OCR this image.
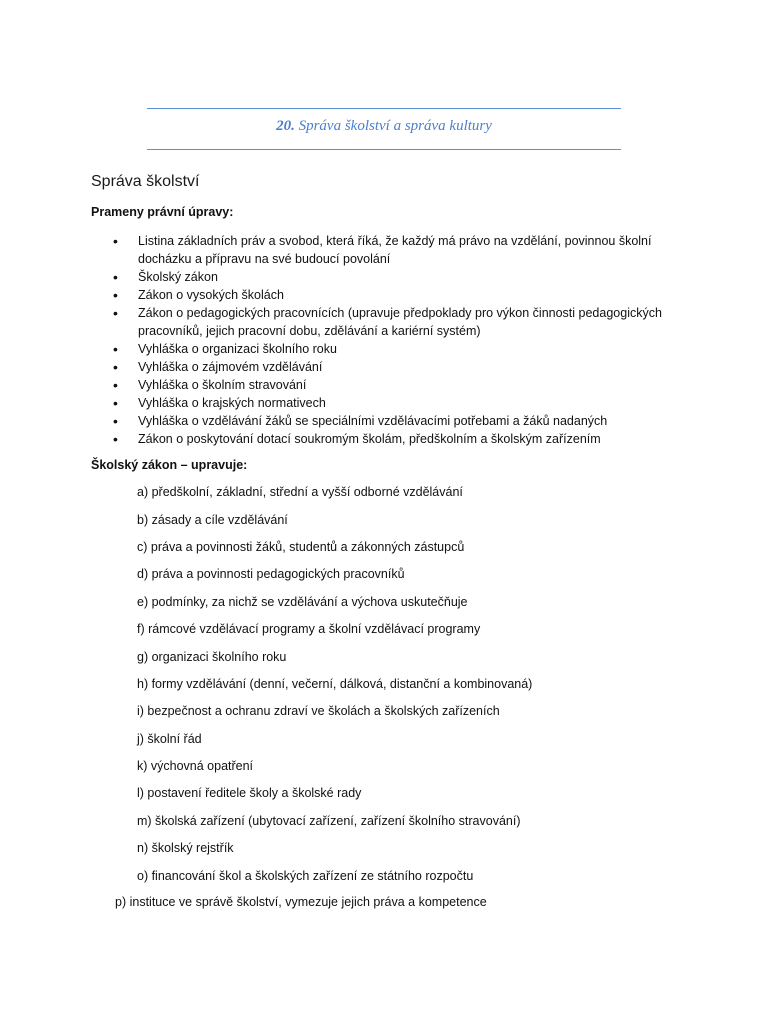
20. Správa školství a správa kultury
Správa školství
Prameny právní úpravy:
• Listina základních práv a svobod, která říká, že každý má právo na vzdělání, povinnou školní docházku a přípravu na své budoucí povolání
• Školský zákon
• Zákon o vysokých školách
• Zákon o pedagogických pracovnících (upravuje předpoklady pro výkon činnosti pedagogických pracovníků, jejich pracovní dobu, zdělávání a kariérní systém)
• Vyhláška o organizaci školního roku
• Vyhláška o zájmovém vzdělávání
• Vyhláška o školním stravování
• Vyhláška o krajských normativech
• Vyhláška o vzdělávání žáků se speciálními vzdělávacími potřebami a žáků nadaných
• Zákon o poskytování dotací soukromým školám, předškolním a školským zařízením
Školský zákon – upravuje:
a) předškolní, základní, střední a vyšší odborné vzdělávání
b) zásady a cíle vzdělávání
c) práva a povinnosti žáků, studentů a zákonných zástupců
d) práva a povinnosti pedagogických pracovníků
e) podmínky, za nichž se vzdělávání a výchova uskutečňuje
f) rámcové vzdělávací programy a školní vzdělávací programy
g) organizaci školního roku
h) formy vzdělávání (denní, večerní, dálková, distanční a kombinovaná)
i) bezpečnost a ochranu zdraví ve školách a školských zařízeních
j) školní řád
k) výchovná opatření
l) postavení ředitele školy a školské rady
m) školská zařízení (ubytovací zařízení, zařízení školního stravování)
n) školský rejstřík
o) financování škol a školských zařízení ze státního rozpočtu
p) instituce ve správě školství, vymezuje jejich práva a kompetence
